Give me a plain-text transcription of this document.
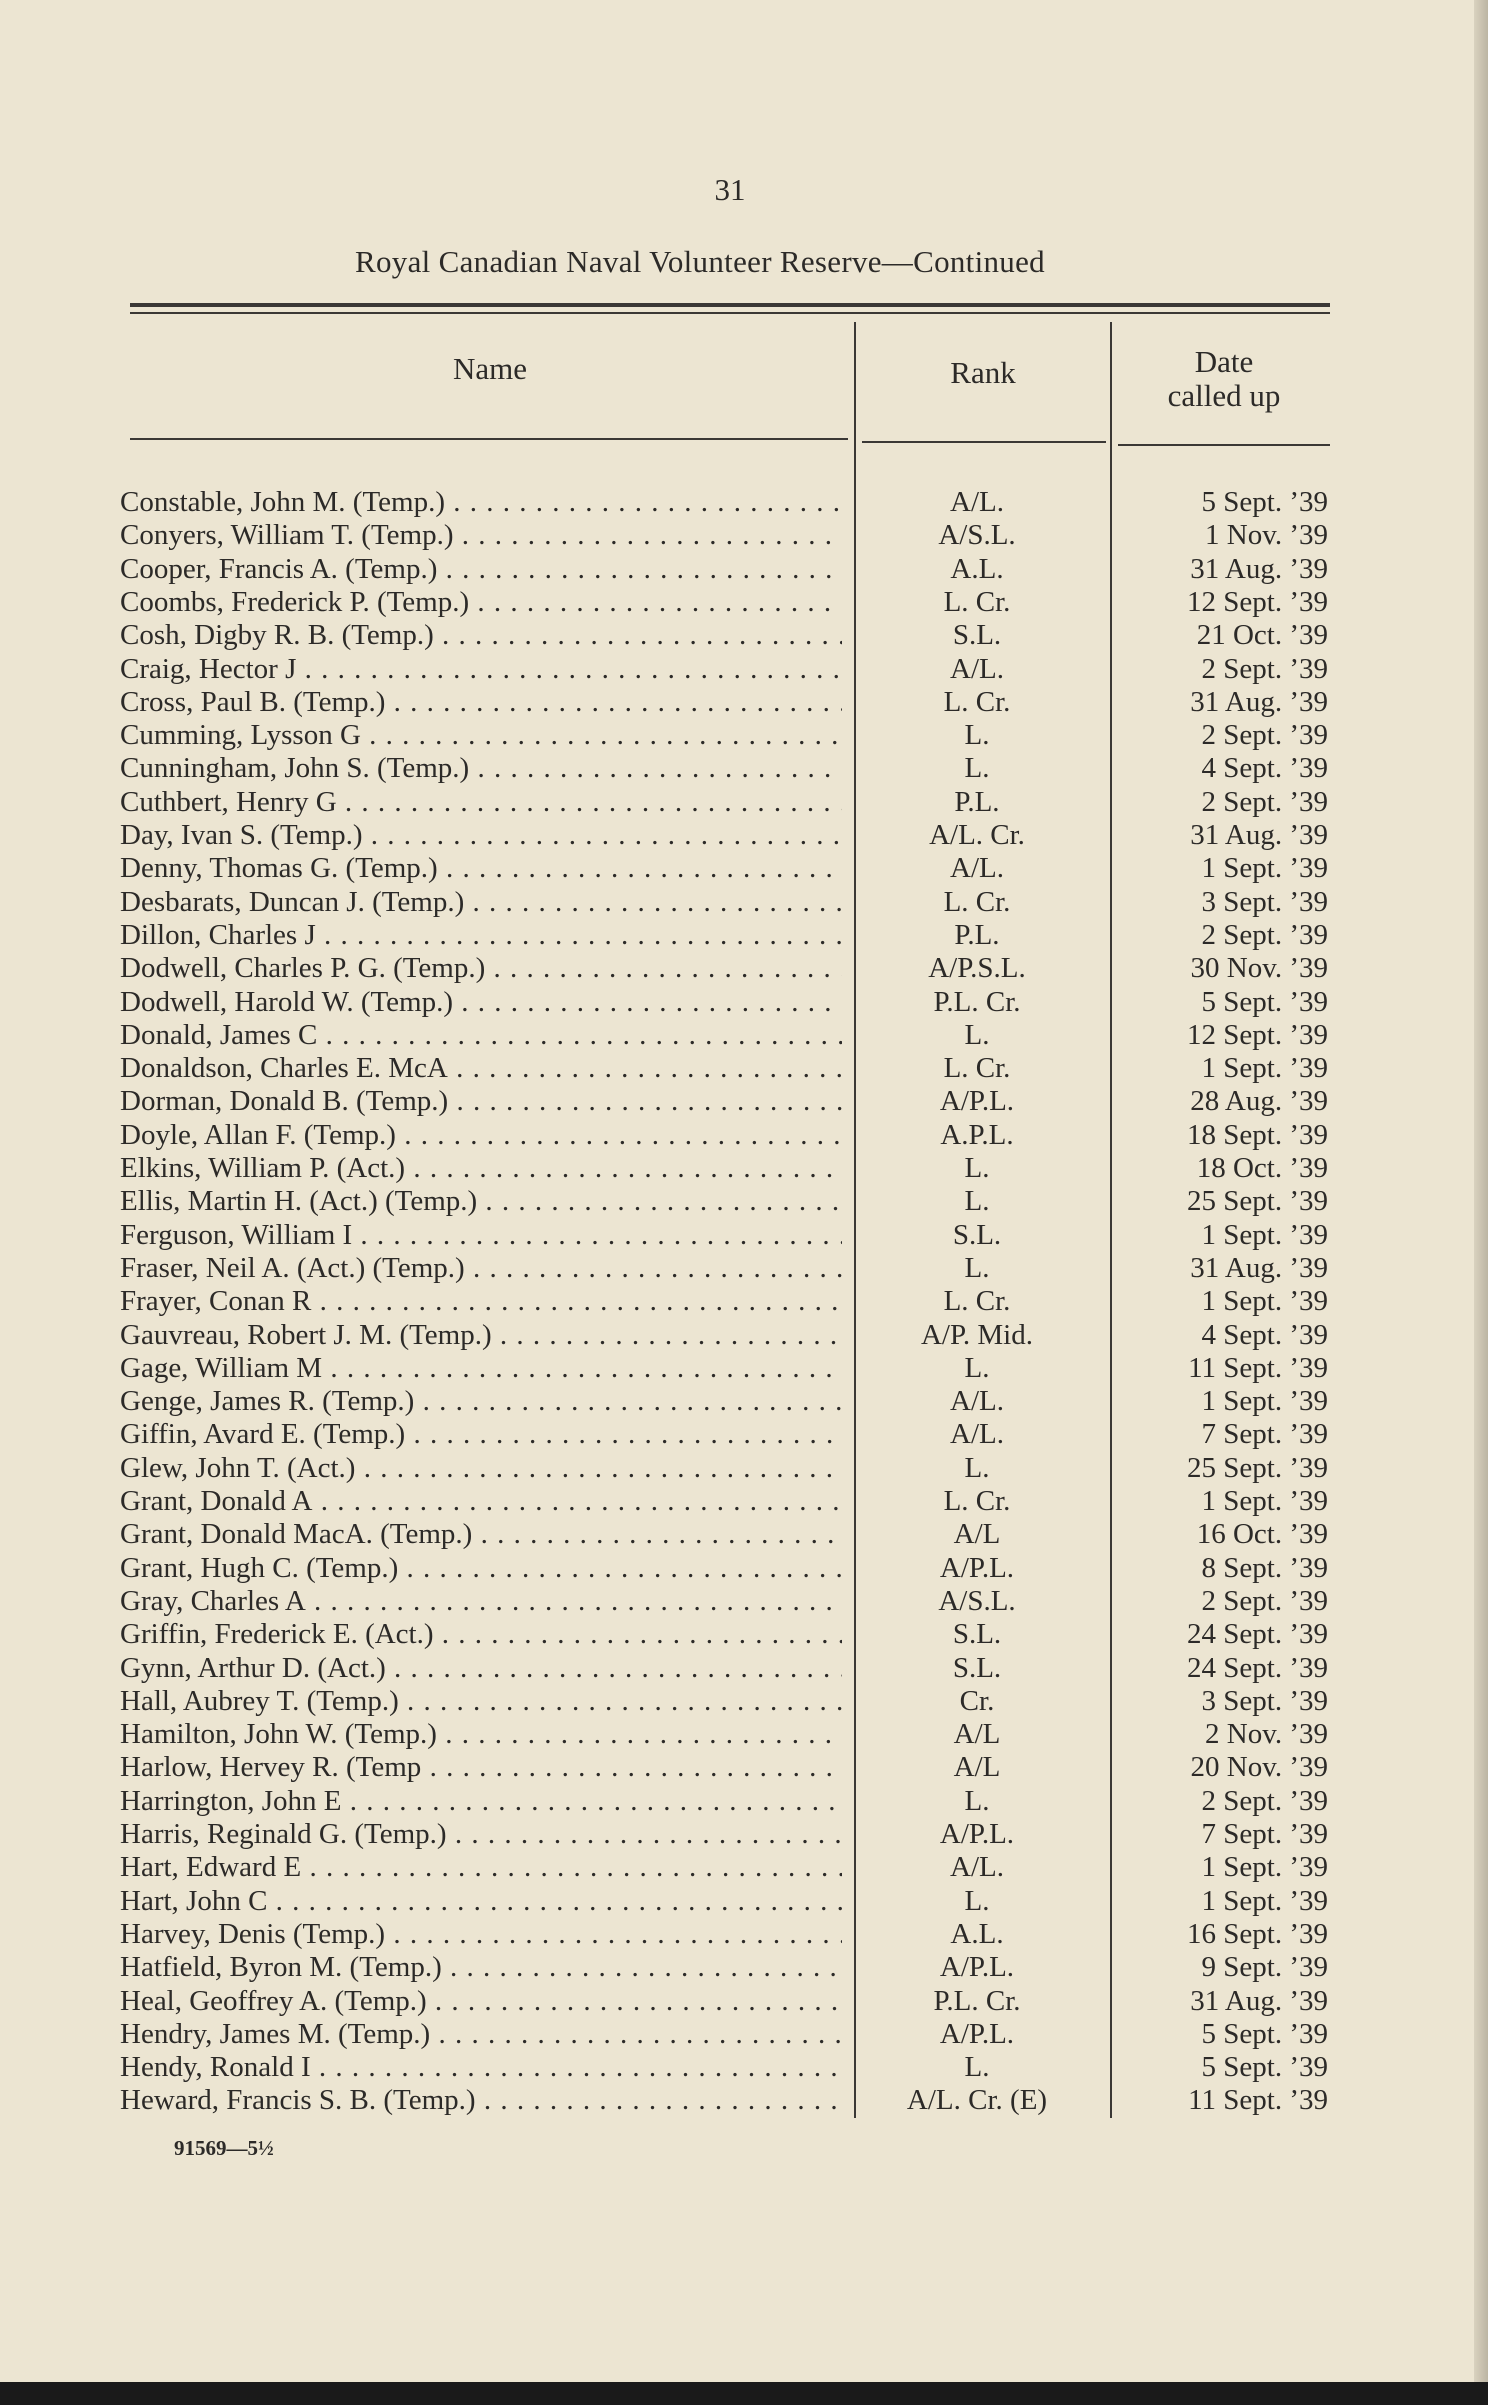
31
Royal Canadian Naval Volunteer Reserve—Continued
Name	Rank	Date
called up
Constable, John M. (Temp.) . . .	A/L.	5 Sept. ’39
Conyers, William T. (Temp.) . . .	A/S.L.	1 Nov. ’39
Cooper, Francis A. (Temp.) . . .	A.L.	31 Aug. ’39
Coombs, Frederick P. (Temp.) . . .	L. Cr.	12 Sept. ’39
Cosh, Digby R. B. (Temp.) . . .	S.L.	21 Oct. ’39
Craig, Hector J . . .	A/L.	2 Sept. ’39
Cross, Paul B. (Temp.) . . .	L. Cr.	31 Aug. ’39
Cumming, Lysson G . . .	L.	2 Sept. ’39
Cunningham, John S. (Temp.) . . .	L.	4 Sept. ’39
Cuthbert, Henry G . . .	P.L.	2 Sept. ’39
Day, Ivan S. (Temp.) . . .	A/L. Cr.	31 Aug. ’39
Denny, Thomas G. (Temp.) . . .	A/L.	1 Sept. ’39
Desbarats, Duncan J. (Temp.) . . .	L. Cr.	3 Sept. ’39
Dillon, Charles J . . .	P.L.	2 Sept. ’39
Dodwell, Charles P. G. (Temp.) . . .	A/P.S.L.	30 Nov. ’39
Dodwell, Harold W. (Temp.) . . .	P.L. Cr.	5 Sept. ’39
Donald, James C . . .	L.	12 Sept. ’39
Donaldson, Charles E. McA . . .	L. Cr.	1 Sept. ’39
Dorman, Donald B. (Temp.) . . .	A/P.L.	28 Aug. ’39
Doyle, Allan F. (Temp.) . . .	A.P.L.	18 Sept. ’39
Elkins, William P. (Act.) . . .	L.	18 Oct. ’39
Ellis, Martin H. (Act.) (Temp.) . . .	L.	25 Sept. ’39
Ferguson, William I . . .	S.L.	1 Sept. ’39
Fraser, Neil A. (Act.) (Temp.) . . .	L.	31 Aug. ’39
Frayer, Conan R . . .	L. Cr.	1 Sept. ’39
Gauvreau, Robert J. M. (Temp.) . . .	A/P. Mid.	4 Sept. ’39
Gage, William M . . .	L.	11 Sept. ’39
Genge, James R. (Temp.) . . .	A/L.	1 Sept. ’39
Giffin, Avard E. (Temp.) . . .	A/L.	7 Sept. ’39
Glew, John T. (Act.) . . .	L.	25 Sept. ’39
Grant, Donald A . . .	L. Cr.	1 Sept. ’39
Grant, Donald MacA. (Temp.) . . .	A/L	16 Oct. ’39
Grant, Hugh C. (Temp.) . . .	A/P.L.	8 Sept. ’39
Gray, Charles A . . .	A/S.L.	2 Sept. ’39
Griffin, Frederick E. (Act.) . . .	S.L.	24 Sept. ’39
Gynn, Arthur D. (Act.) . . .	S.L.	24 Sept. ’39
Hall, Aubrey T. (Temp.) . . .	Cr.	3 Sept. ’39
Hamilton, John W. (Temp.) . . .	A/L	2 Nov. ’39
Harlow, Hervey R. (Temp . . .	A/L	20 Nov. ’39
Harrington, John E . . .	L.	2 Sept. ’39
Harris, Reginald G. (Temp.) . . .	A/P.L.	7 Sept. ’39
Hart, Edward E . . .	A/L.	1 Sept. ’39
Hart, John C . . .	L.	1 Sept. ’39
Harvey, Denis (Temp.) . . .	A.L.	16 Sept. ’39
Hatfield, Byron M. (Temp.) . . .	A/P.L.	9 Sept. ’39
Heal, Geoffrey A. (Temp.) . . .	P.L. Cr.	31 Aug. ’39
Hendry, James M. (Temp.) . . .	A/P.L.	5 Sept. ’39
Hendy, Ronald I . . .	L.	5 Sept. ’39
Heward, Francis S. B. (Temp.) . . .	A/L. Cr. (E)	11 Sept. ’39
91569—5½
